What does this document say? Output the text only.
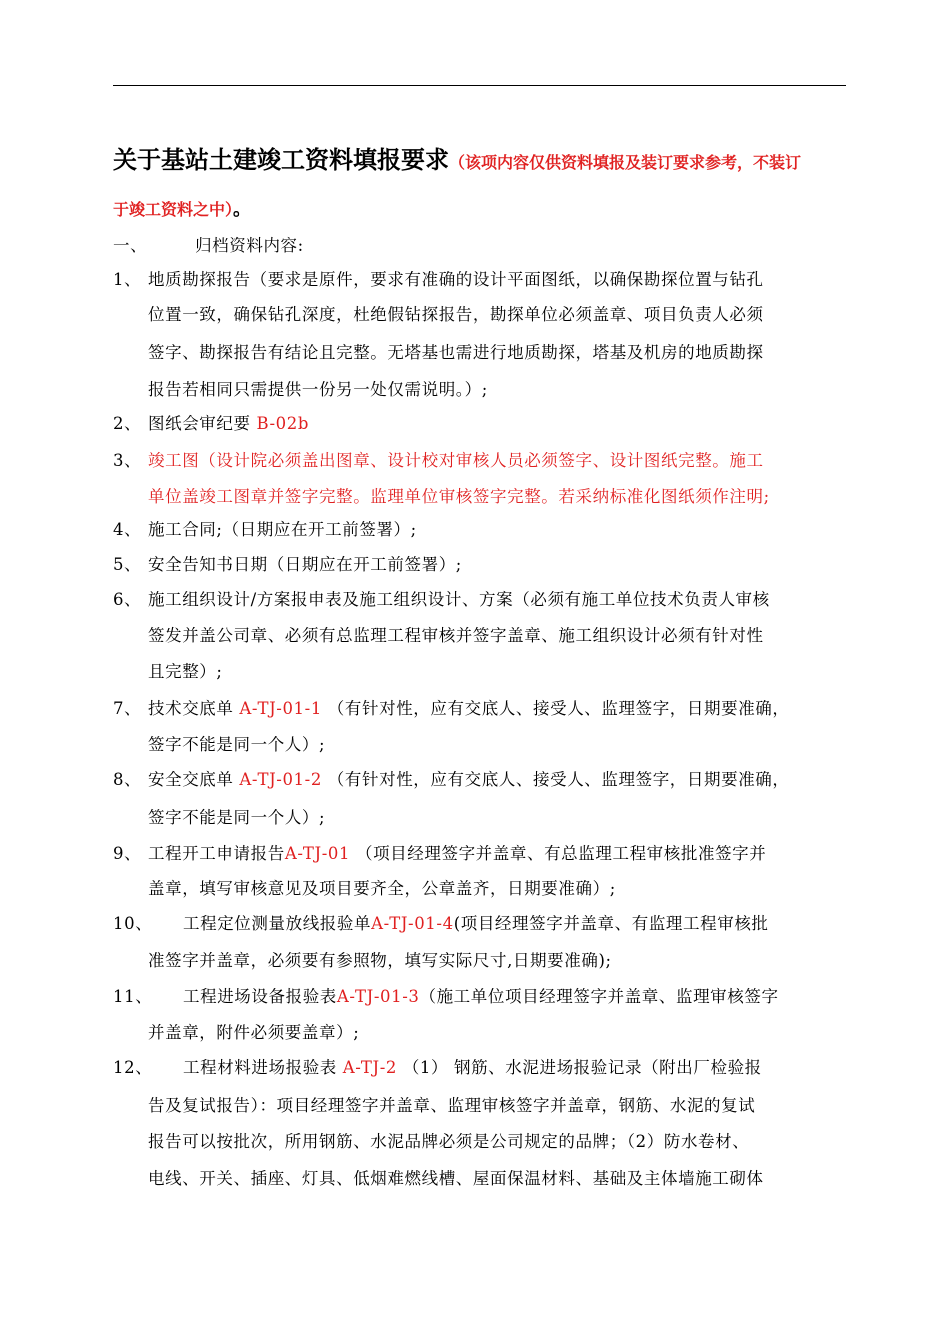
关于基站土建竣工资料填报要求（该项内容仅供资料填报及装订要求参考，不装订
于竣工资料之中）。
一、	归档资料内容:
1、 地质勘探报告（要求是原件，要求有准确的设计平面图纸，以确保勘探位置与钻孔
位置一致，确保钻孔深度，杜绝假钻探报告，勘探单位必须盖章、项目负责人必须
签字、勘探报告有结论且完整。无塔基也需进行地质勘探，塔基及机房的地质勘探
报告若相同只需提供一份另一处仅需说明。）;
2、 图纸会审纪要 B-02b
3、 竣工图（设计院必须盖出图章、设计校对审核人员必须签字、设计图纸完整。施工
单位盖竣工图章并签字完整。监理单位审核签字完整。若采纳标准化图纸须作注明;
4、 施工合同;（日期应在开工前签署）;
5、 安全告知书日期（日期应在开工前签署）;
6、 施工组织设计/方案报申表及施工组织设计、方案（必须有施工单位技术负责人审核
签发并盖公司章、必须有总监理工程审核并签字盖章、施工组织设计必须有针对性
且完整）;
7、 技术交底单 A-TJ-01-1 （有针对性，应有交底人、接受人、监理签字，日期要准确，
签字不能是同一个人）;
8、 安全交底单 A-TJ-01-2 （有针对性，应有交底人、接受人、监理签字，日期要准确，
签字不能是同一个人）;
9、 工程开工申请报告A-TJ-01 （项目经理签字并盖章、有总监理工程审核批准签字并
盖章，填写审核意见及项目要齐全，公章盖齐，日期要准确）;
10、 工程定位测量放线报验单A-TJ-01-4(项目经理签字并盖章、有监理工程审核批
准签字并盖章，必须要有参照物，填写实际尺寸,日期要准确);
11、 工程进场设备报验表A-TJ-01-3（施工单位项目经理签字并盖章、监理审核签字
并盖章，附件必须要盖章）;
12、 工程材料进场报验表 A-TJ-2 （1） 钢筋、水泥进场报验记录（附出厂检验报
告及复试报告）：项目经理签字并盖章、监理审核签字并盖章，钢筋、水泥的复试
报告可以按批次，所用钢筋、水泥品牌必须是公司规定的品牌；（2）防水卷材、
电线、开关、插座、灯具、低烟难燃线槽、屋面保温材料、基础及主体墙施工砌体
